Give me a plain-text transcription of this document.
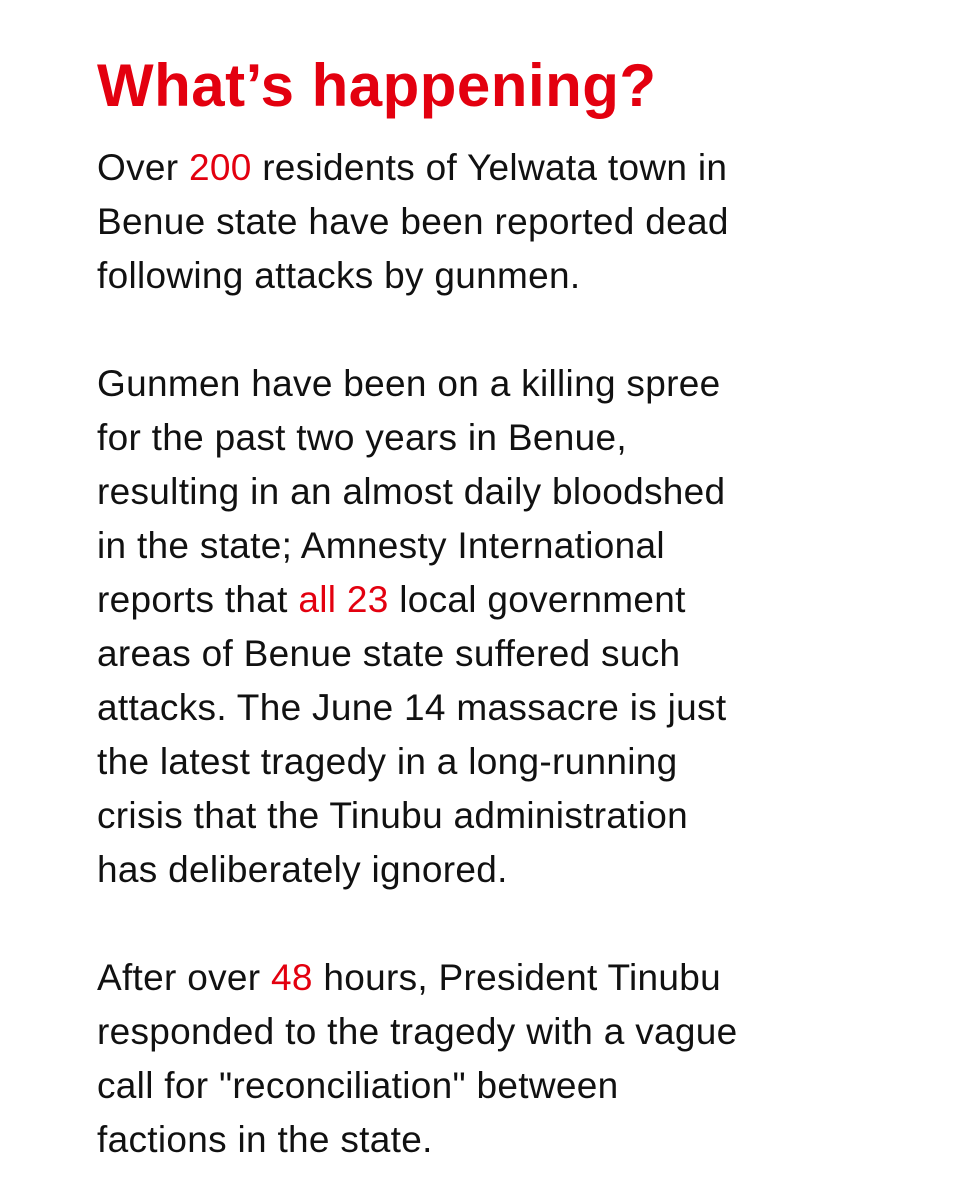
What’s happening?

Over 200 residents of Yelwata town in
Benue state have been reported dead
following attacks by gunmen.

Gunmen have been on a killing spree
for the past two years in Benue,
resulting in an almost daily bloodshed
in the state; Amnesty International
reports that all 23 local government
areas of Benue state suffered such
attacks. The June 14 massacre is just
the latest tragedy in a long-running
crisis that the Tinubu administration
has deliberately ignored.

After over 48 hours, President Tinubu
responded to the tragedy with a vague
call for "reconciliation" between
factions in the state.
